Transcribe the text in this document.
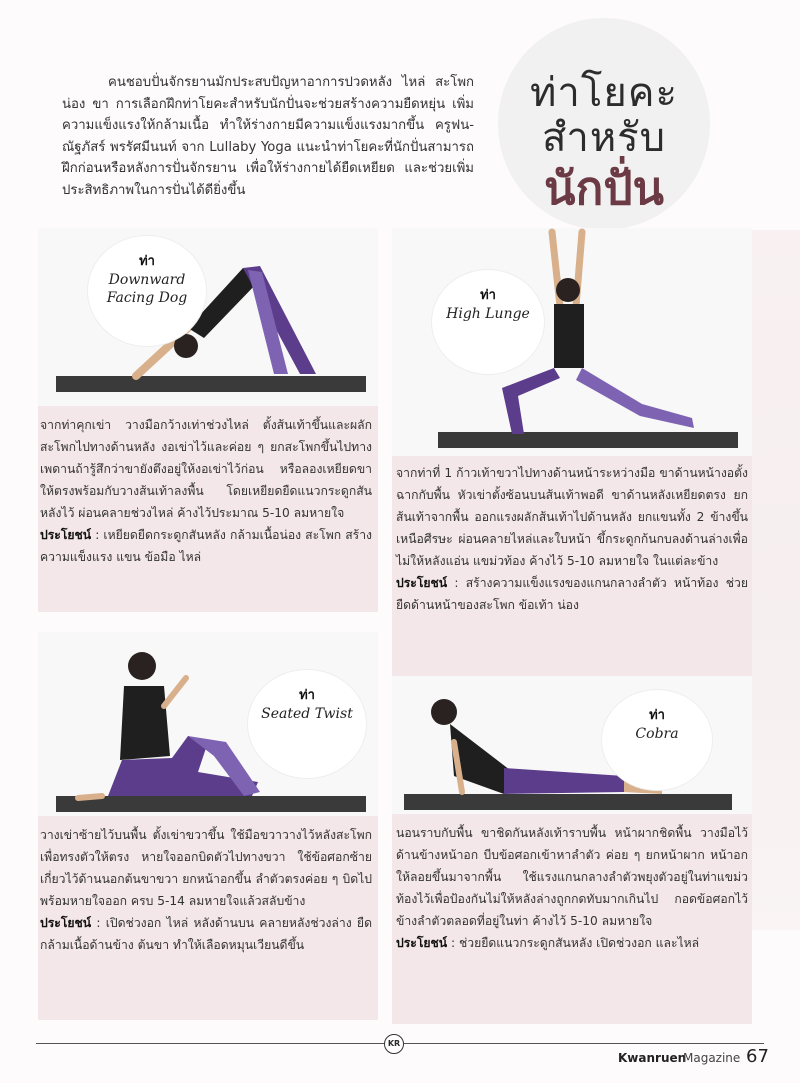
ท่าโยคะ
สำหรับ
นักปั่น

คนชอบปั่นจักรยานมักประสบปัญหาอาการปวดหลัง ไหล่ สะโพก น่อง ขา การเลือกฝึกท่าโยคะสำหรับนักปั่นจะช่วยสร้างความยืดหยุ่น เพิ่มความแข็งแรงให้กล้ามเนื้อ ทำให้ร่างกายมีความแข็งแรงมากขึ้น ครูฟน-ณัฐภัสร์ พรรัศมีนนท์ จาก Lullaby Yoga แนะนำท่าโยคะที่นักปั่นสามารถฝึกก่อนหรือหลังการปั่นจักรยาน เพื่อให้ร่างกายได้ยืดเหยียด และช่วยเพิ่มประสิทธิภาพในการปั่นได้ดียิ่งขึ้น

ท่า
Downward Facing Dog
จากท่าคุกเข่า วางมือกว้างเท่าช่วงไหล่ ตั้งส้นเท้าขึ้นและผลักสะโพกไปทางด้านหลัง งอเข่าไว้และค่อย ๆ ยกสะโพกขึ้นไปทางเพดานถ้ารู้สึกว่าขายังตึงอยู่ให้งอเข่าไว้ก่อน หรือลองเหยียดขาให้ตรงพร้อมกับวางส้นเท้าลงพื้น โดยเหยียดยืดแนวกระดูกสันหลังไว้ ผ่อนคลายช่วงไหล่ ค้างไว้ประมาณ 5-10 ลมหายใจ
ประโยชน์ : เหยียดยืดกระดูกสันหลัง กล้ามเนื้อน่อง สะโพก สร้างความแข็งแรง แขน ข้อมือ ไหล่
ท่า
High Lunge
จากท่าที่ 1 ก้าวเท้าขวาไปทางด้านหน้าระหว่างมือ ขาด้านหน้างอตั้งฉากกับพื้น หัวเข่าตั้งซ้อนบนส้นเท้าพอดี ขาด้านหลังเหยียดตรง ยกส้นเท้าจากพื้น ออกแรงผลักส้นเท้าไปด้านหลัง ยกแขนทั้ง 2 ข้างขึ้นเหนือศีรษะ ผ่อนคลายไหล่และใบหน้า ขึ้กระดูกก้นกบลงด้านล่างเพื่อไม่ให้หลังแอ่น แขม่วท้อง ค้างไว้ 5-10 ลมหายใจ ในแต่ละข้าง
ประโยชน์ : สร้างความแข็งแรงของแกนกลางลำตัว หน้าท้อง ช่วยยืดด้านหน้าของสะโพก ข้อเท้า น่อง
ท่า
Seated Twist
วางเข่าซ้ายไว้บนพื้น ตั้งเข่าขวาขึ้น ใช้มือขวาวางไว้หลังสะโพกเพื่อทรงตัวให้ตรง หายใจออกบิดตัวไปทางขวา ใช้ข้อศอกซ้ายเกี่ยวไว้ด้านนอกต้นขาขวา ยกหน้าอกขึ้น ลำตัวตรงค่อย ๆ บิดไปพร้อมหายใจออก ครบ 5-14 ลมหายใจแล้วสลับข้าง
ประโยชน์ : เปิดช่วงอก ไหล่ หลังด้านบน คลายหลังช่วงล่าง ยืดกล้ามเนื้อด้านข้าง ต้นขา ทำให้เลือดหมุนเวียนดีขึ้น
ท่า
Cobra
นอนราบกับพื้น ขาชิดกันหลังเท้าราบพื้น หน้าผากชิดพื้น วางมือไว้ด้านข้างหน้าอก บีบข้อศอกเข้าหาลำตัว ค่อย ๆ ยกหน้าผาก หน้าอกให้ลอยขึ้นมาจากพื้น ใช้แรงแกนกลางลำตัวพยุงตัวอยู่ในท่าแขม่วท้องไว้เพื่อป้องกันไม่ให้หลังล่างถูกกดทับมากเกินไป กอดข้อศอกไว้ข้างลำตัวตลอดที่อยู่ในท่า ค้างไว้ 5-10 ลมหายใจ
ประโยชน์ : ช่วยยืดแนวกระดูกสันหลัง เปิดช่วงอก และไหล่
KR
Kwanruen
Magazine 67
